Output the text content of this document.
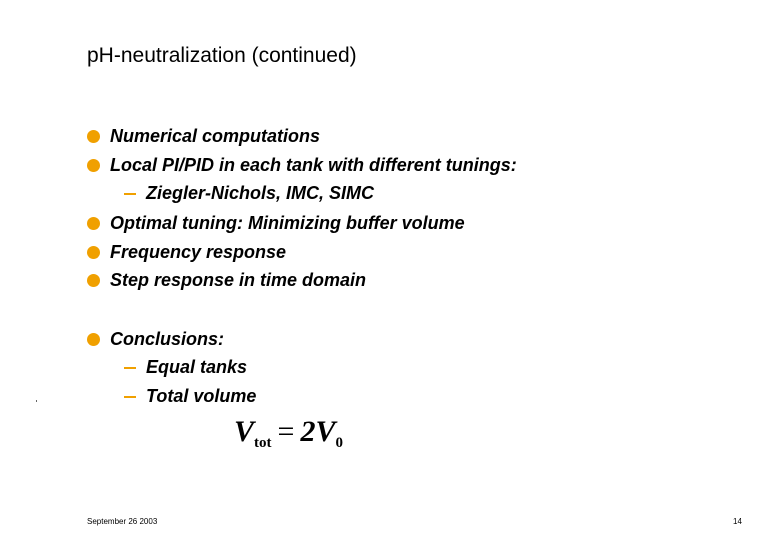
pH-neutralization (continued)
Numerical computations
Local PI/PID in each tank with different tunings:
Ziegler-Nichols, IMC, SIMC
Optimal tuning: Minimizing buffer volume
Frequency response
Step response in time domain
Conclusions:
Equal tanks
Total volume
$V_{tot} = 2V_0$
September 26 2003	14
